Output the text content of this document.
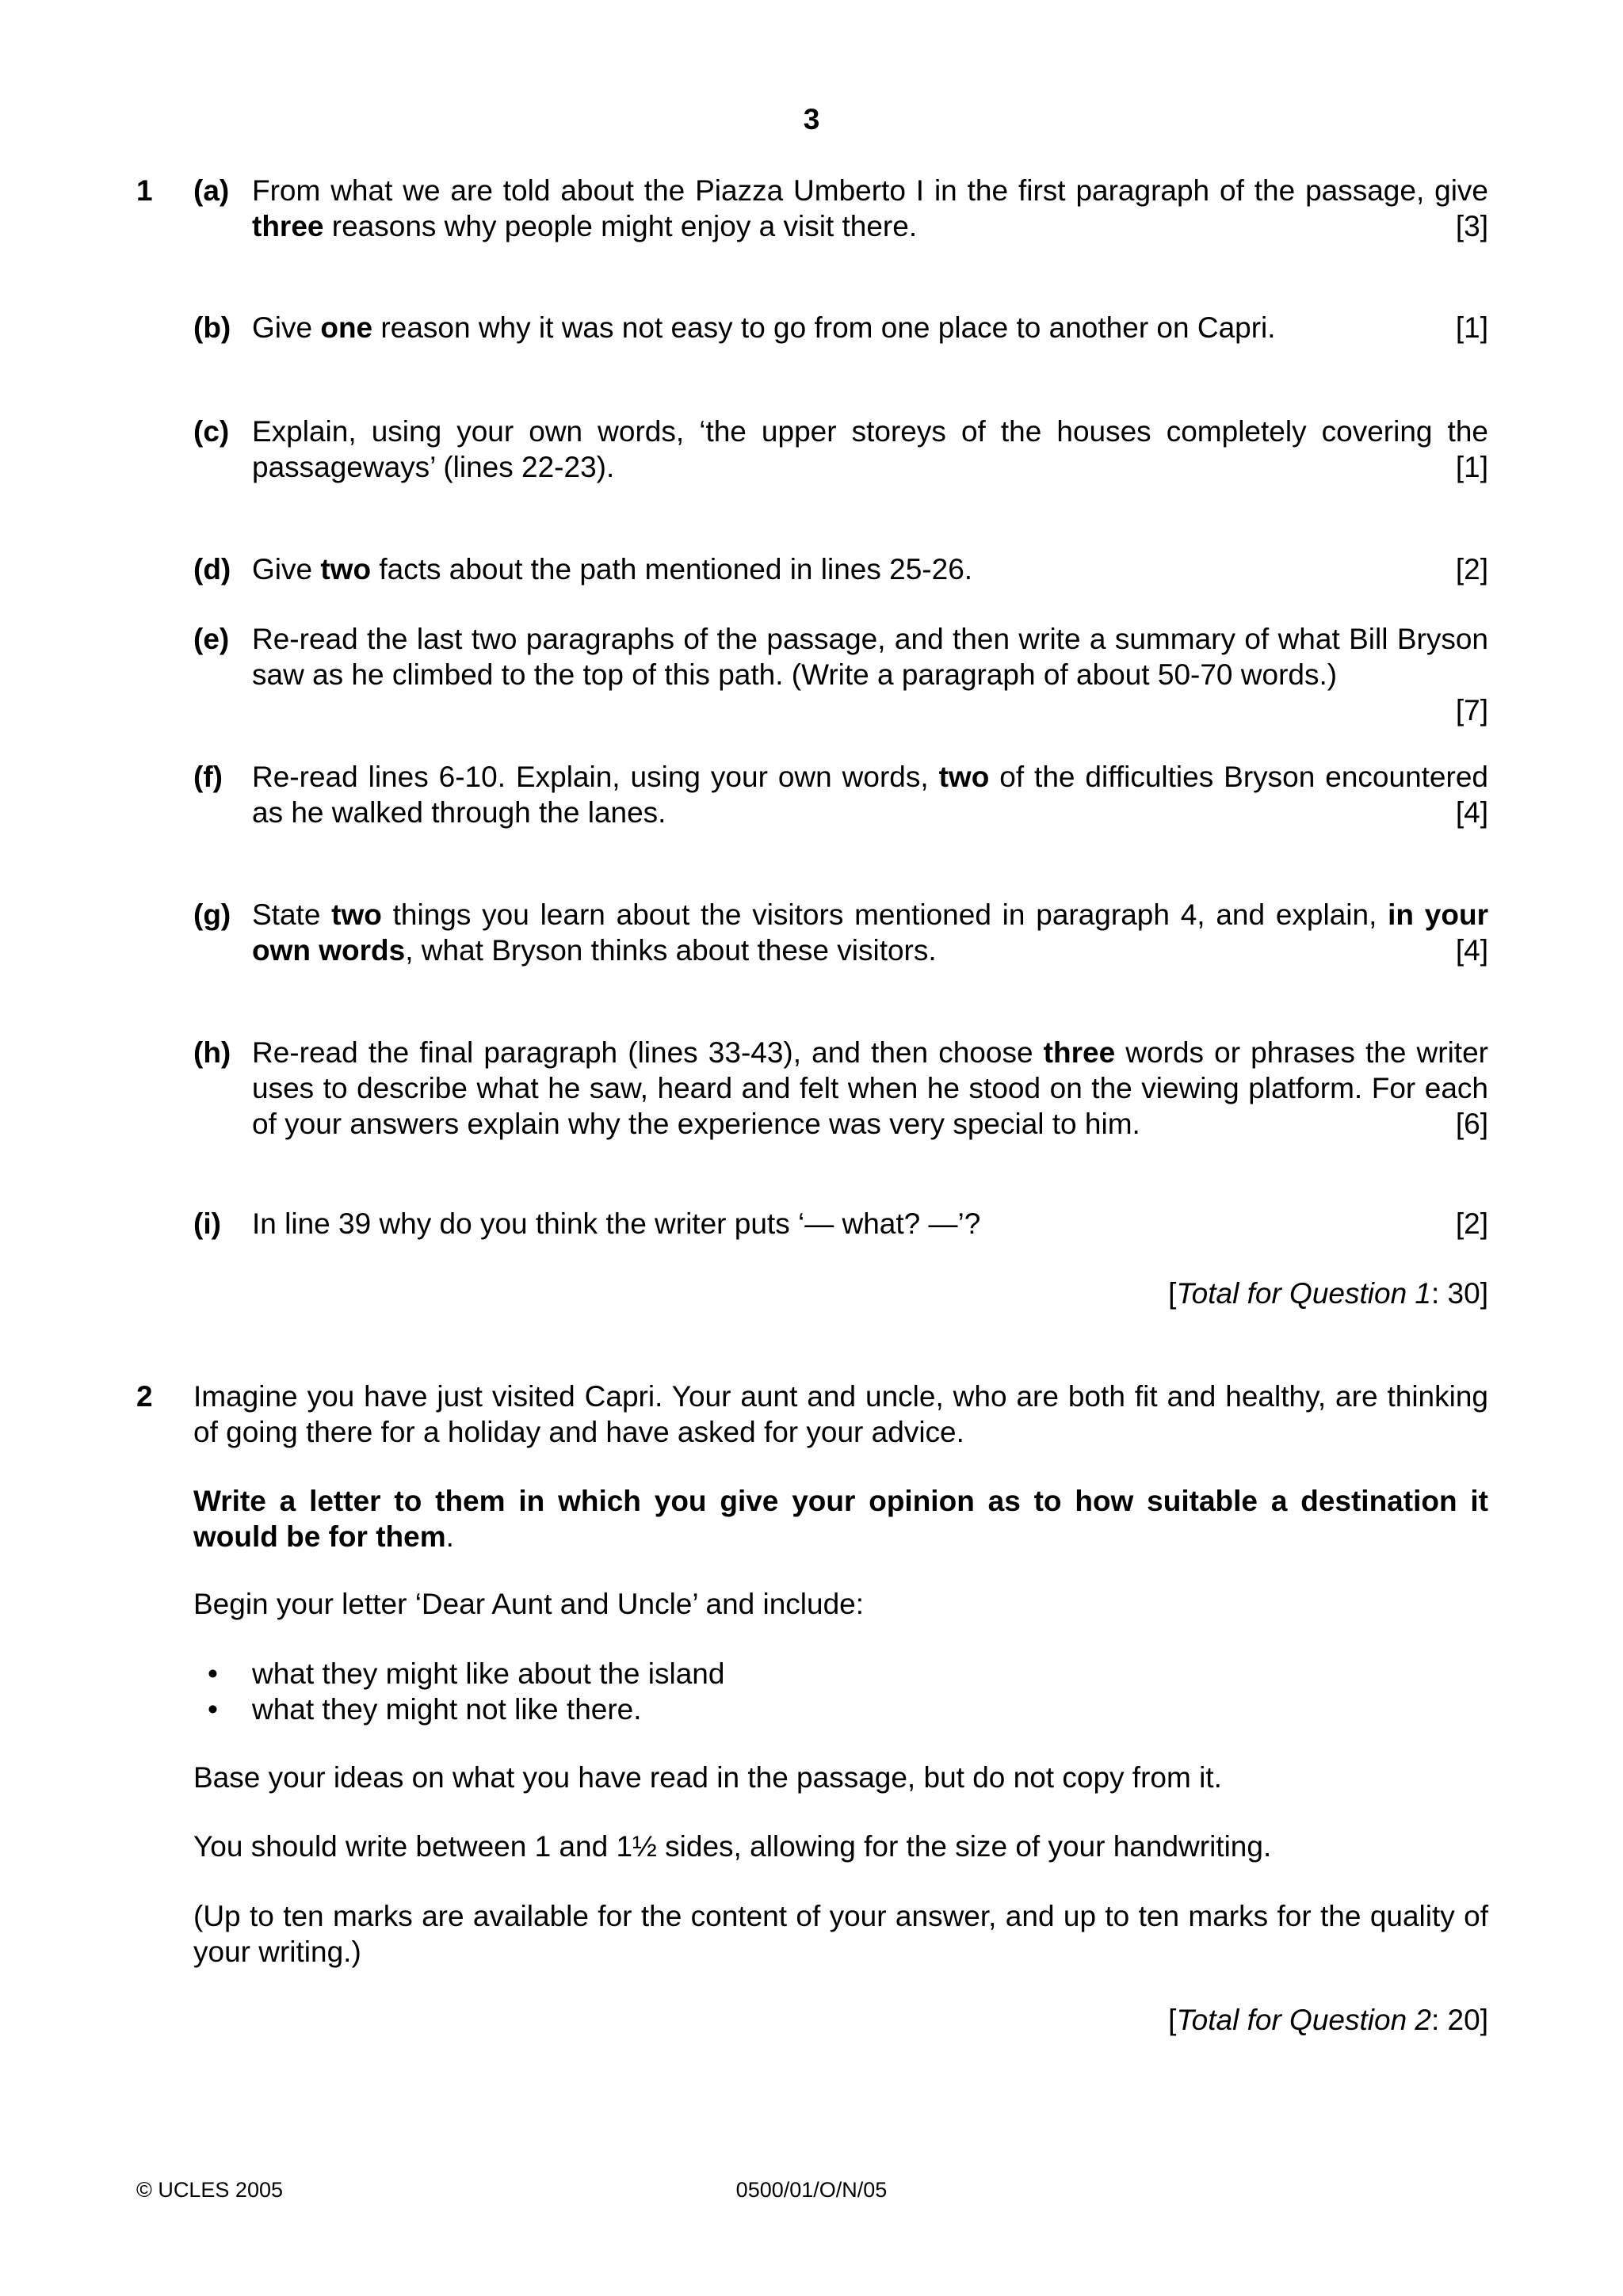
3
1 (a) From what we are told about the Piazza Umberto I in the first paragraph of the passage, give three reasons why people might enjoy a visit there.	[3]
(b) Give one reason why it was not easy to go from one place to another on Capri.	[1]
(c) Explain, using your own words, ‘the upper storeys of the houses completely covering the passageways’ (lines 22-23).	[1]
(d) Give two facts about the path mentioned in lines 25-26.	[2]
(e) Re-read the last two paragraphs of the passage, and then write a summary of what Bill Bryson saw as he climbed to the top of this path. (Write a paragraph of about 50-70 words.)
[7]
(f) Re-read lines 6-10. Explain, using your own words, two of the difficulties Bryson encountered as he walked through the lanes.	[4]
(g) State two things you learn about the visitors mentioned in paragraph 4, and explain, in your own words, what Bryson thinks about these visitors.	[4]
(h) Re-read the final paragraph (lines 33-43), and then choose three words or phrases the writer uses to describe what he saw, heard and felt when he stood on the viewing platform. For each of your answers explain why the experience was very special to him.	[6]
(i) In line 39 why do you think the writer puts ‘— what? —’?	[2]
[Total for Question 1: 30]
2 Imagine you have just visited Capri. Your aunt and uncle, who are both fit and healthy, are thinking of going there for a holiday and have asked for your advice.
Write a letter to them in which you give your opinion as to how suitable a destination it would be for them.
Begin your letter ‘Dear Aunt and Uncle’ and include:
• what they might like about the island
• what they might not like there.
Base your ideas on what you have read in the passage, but do not copy from it.
You should write between 1 and 1½ sides, allowing for the size of your handwriting.
(Up to ten marks are available for the content of your answer, and up to ten marks for the quality of your writing.)
[Total for Question 2: 20]
© UCLES 2005	0500/01/O/N/05
